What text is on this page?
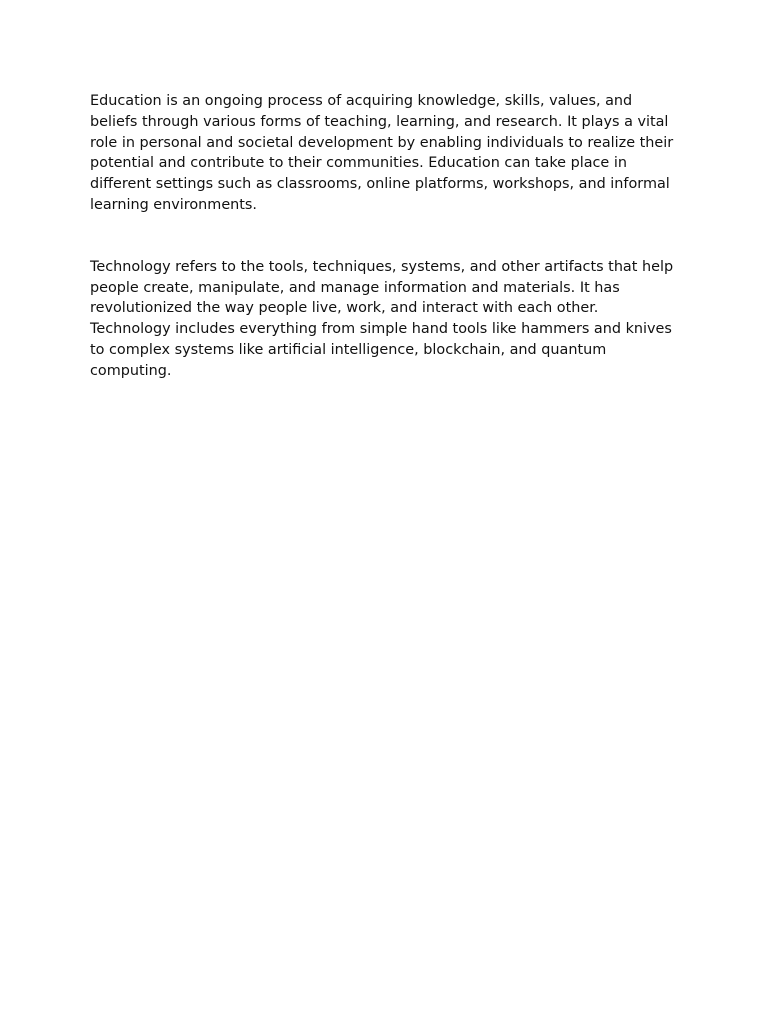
Education is an ongoing process of acquiring knowledge, skills, values, and beliefs through various forms of teaching, learning, and research. It plays a vital role in personal and societal development by enabling individuals to realize their potential and contribute to their communities. Education can take place in different settings such as classrooms, online platforms, workshops, and informal learning environments.

Technology refers to the tools, techniques, systems, and other artifacts that help people create, manipulate, and manage information and materials. It has revolutionized the way people live, work, and interact with each other. Technology includes everything from simple hand tools like hammers and knives to complex systems like artificial intelligence, blockchain, and quantum computing.
